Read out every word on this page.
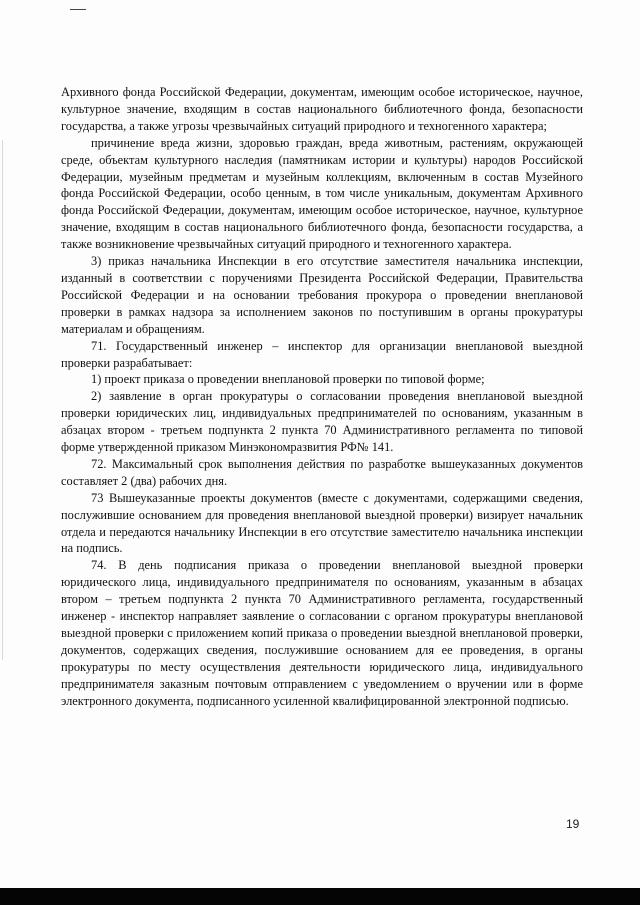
Архивного фонда Российской Федерации, документам, имеющим особое историческое, научное, культурное значение, входящим в состав национального библиотечного фонда, безопасности государства, а также угрозы чрезвычайных ситуаций природного и техногенного характера;

причинение вреда жизни, здоровью граждан, вреда животным, растениям, окружающей среде, объектам культурного наследия (памятникам истории и культуры) народов Российской Федерации, музейным предметам и музейным коллекциям, включенным в состав Музейного фонда Российской Федерации, особо ценным, в том числе уникальным, документам Архивного фонда Российской Федерации, документам, имеющим особое историческое, научное, культурное значение, входящим в состав национального библиотечного фонда, безопасности государства, а также возникновение чрезвычайных ситуаций природного и техногенного характера.

3) приказ начальника Инспекции в его отсутствие заместителя начальника инспекции, изданный в соответствии с поручениями Президента Российской Федерации, Правительства Российской Федерации и на основании требования прокурора о проведении внеплановой проверки в рамках надзора за исполнением законов по поступившим в органы прокуратуры материалам и обращениям.

71. Государственный инженер – инспектор для организации внеплановой выездной проверки разрабатывает:

1) проект приказа о проведении внеплановой проверки по типовой форме;

2) заявление в орган прокуратуры о согласовании проведения внеплановой выездной проверки юридических лиц, индивидуальных предпринимателей по основаниям, указанным в абзацах втором - третьем подпункта 2 пункта 70 Административного регламента по типовой форме утвержденной приказом Минэкономразвития РФ№ 141.

72. Максимальный срок выполнения действия по разработке вышеуказанных документов составляет 2 (два) рабочих дня.

73 Вышеуказанные проекты документов (вместе с документами, содержащими сведения, послужившие основанием для проведения внеплановой выездной проверки) визирует начальник отдела и передаются начальнику Инспекции в его отсутствие заместителю начальника инспекции на подпись.

74. В день подписания приказа о проведении внеплановой выездной проверки юридического лица, индивидуального предпринимателя по основаниям, указанным в абзацах втором – третьем подпункта 2 пункта 70 Административного регламента, государственный инженер - инспектор направляет заявление о согласовании с органом прокуратуры внеплановой выездной проверки с приложением копий приказа о проведении выездной внеплановой проверки, документов, содержащих сведения, послужившие основанием для ее проведения, в органы прокуратуры по месту осуществления деятельности юридического лица, индивидуального предпринимателя заказным почтовым отправлением с уведомлением о вручении или в форме электронного документа, подписанного усиленной квалифицированной электронной подписью.

19
